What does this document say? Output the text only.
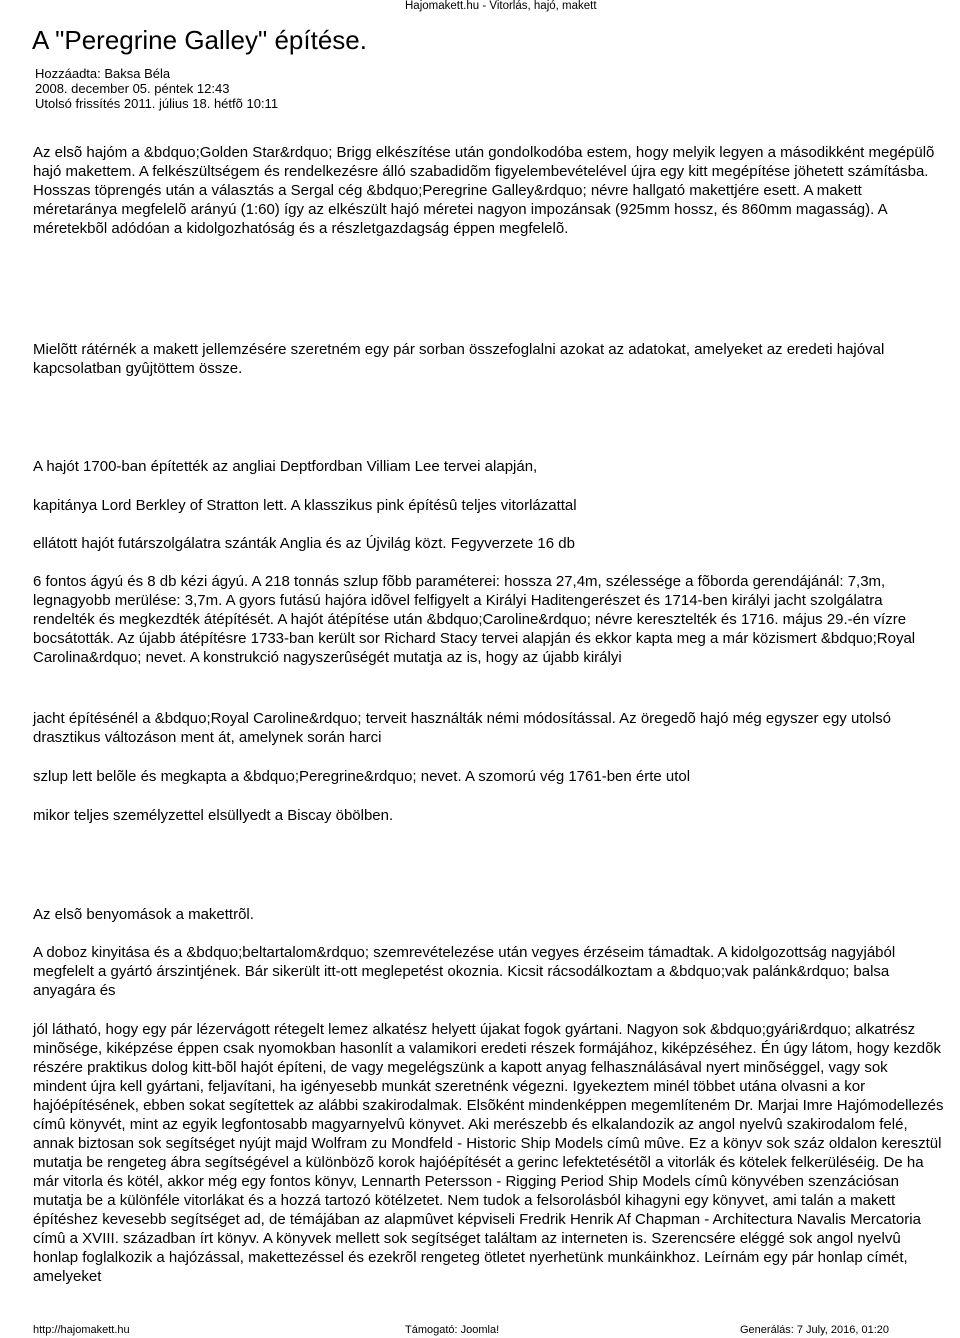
Hajomakett.hu - Vitorlás, hajó, makett
A "Peregrine Galley" építése.
Hozzáadta: Baksa Béla
2008. december 05. péntek 12:43
Utolsó frissítés 2011. július 18. hétfõ 10:11

Az elsõ hajóm a &bdquo;Golden Star&rdquo; Brigg elkészítése után gondolkodóba estem, hogy melyik legyen a másodikként megépülõ hajó makettem. A felkészültségem és rendelkezésre álló szabadidõm figyelembevételével újra egy kitt megépítése jöhetett számításba. Hosszas töprengés után a választás a Sergal cég &bdquo;Peregrine Galley&rdquo; névre hallgató makettjére esett. A makett méretaránya megfelelõ arányú (1:60) így az elkészült hajó méretei nagyon impozánsak (925mm hossz, és 860mm magasság). A méretekbõl adódóan a kidolgozhatóság és a részletgazdagság éppen megfelelõ.

Mielõtt rátérnék a makett jellemzésére szeretném egy pár sorban összefoglalni azokat az adatokat, amelyeket az eredeti hajóval kapcsolatban gyûjtöttem össze.

A hajót 1700-ban építették az angliai Deptfordban Villiam Lee tervei alapján,

kapitánya Lord Berkley of Stratton lett. A klasszikus pink építésû teljes vitorlázattal

ellátott hajót futárszolgálatra szánták Anglia és az Újvilág közt. Fegyverzete 16 db

6 fontos ágyú és 8 db kézi ágyú. A 218 tonnás szlup fõbb paraméterei: hossza 27,4m, szélessége a fõborda gerendájánál: 7,3m, legnagyobb merülése: 3,7m. A gyors futású hajóra idõvel felfigyelt a Királyi Haditengerészet és 1714-ben királyi jacht szolgálatra rendelték és megkezdték átépítését. A hajót átépítése után &bdquo;Caroline&rdquo; névre keresztelték és 1716. május 29.-én vízre bocsátották. Az újabb átépítésre 1733-ban került sor Richard Stacy tervei alapján és ekkor kapta meg a már közismert &bdquo;Royal Carolina&rdquo; nevet. A konstrukció nagyszerûségét mutatja az is, hogy az újabb királyi

jacht építésénél a &bdquo;Royal Caroline&rdquo; terveit használták némi módosítással. Az öregedõ hajó még egyszer egy utolsó drasztikus változáson ment át, amelynek során harci

szlup lett belõle és megkapta a &bdquo;Peregrine&rdquo; nevet. A szomorú vég 1761-ben érte utol

mikor teljes személyzettel elsüllyedt a Biscay öbölben.

Az elsõ benyomások a makettrõl.

A doboz kinyitása és a &bdquo;beltartalom&rdquo; szemrevételezése után vegyes érzéseim támadtak. A kidolgozottság nagyjából megfelelt a gyártó árszintjének. Bár sikerült itt-ott meglepetést okoznia. Kicsit rácsodálkoztam a &bdquo;vak palánk&rdquo; balsa anyagára és

jól látható, hogy egy pár lézervágott rétegelt lemez alkatész helyett újakat fogok gyártani. Nagyon sok &bdquo;gyári&rdquo; alkatrész minõsége, kiképzése éppen csak nyomokban hasonlít a valamikori eredeti részek formájához, kiképzéséhez. Én úgy látom, hogy kezdõk részére praktikus dolog kitt-bõl hajót építeni, de vagy megelégszünk a kapott anyag felhasználásával nyert minõséggel, vagy sok mindent újra kell gyártani, feljavítani, ha igényesebb munkát szeretnénk végezni. Igyekeztem minél többet utána olvasni a kor hajóépítésének, ebben sokat segítettek az alábbi szakirodalmak. Elsõként mindenképpen megemlíteném Dr. Marjai Imre Hajómodellezés címû könyvét, mint az egyik legfontosabb magyarnyelvû könyvet. Aki merészebb és elkalandozik az angol nyelvû szakirodalom felé, annak biztosan sok segítséget nyújt majd Wolfram zu Mondfeld - Historic Ship Models címû mûve. Ez a könyv sok száz oldalon keresztül mutatja be rengeteg ábra segítségével a különbözõ korok hajóépítését a gerinc lefektetésétõl a vitorlák és kötelek felkerüléséig. De ha már vitorla és kötél, akkor még egy fontos könyv, Lennarth Petersson - Rigging Period Ship Models címû könyvében szenzációsan mutatja be a különféle vitorlákat és a hozzá tartozó kötélzetet. Nem tudok a felsorolásból kihagyni egy könyvet, ami talán a makett építéshez kevesebb segítséget ad, de témájában az alapmûvet képviseli Fredrik Henrik Af Chapman - Architectura Navalis Mercatoria címû a XVIII. században írt könyv. A könyvek mellett sok segítséget találtam az interneten is. Szerencsére eléggé sok angol nyelvû honlap foglalkozik a hajózással, makettezéssel és ezekrõl rengeteg ötletet nyerhetünk munkáinkhoz. Leírnám egy pár honlap címét, amelyeket

http://hajomakett.hu	Támogató: Joomla!	Generálás: 7 July, 2016, 01:20
